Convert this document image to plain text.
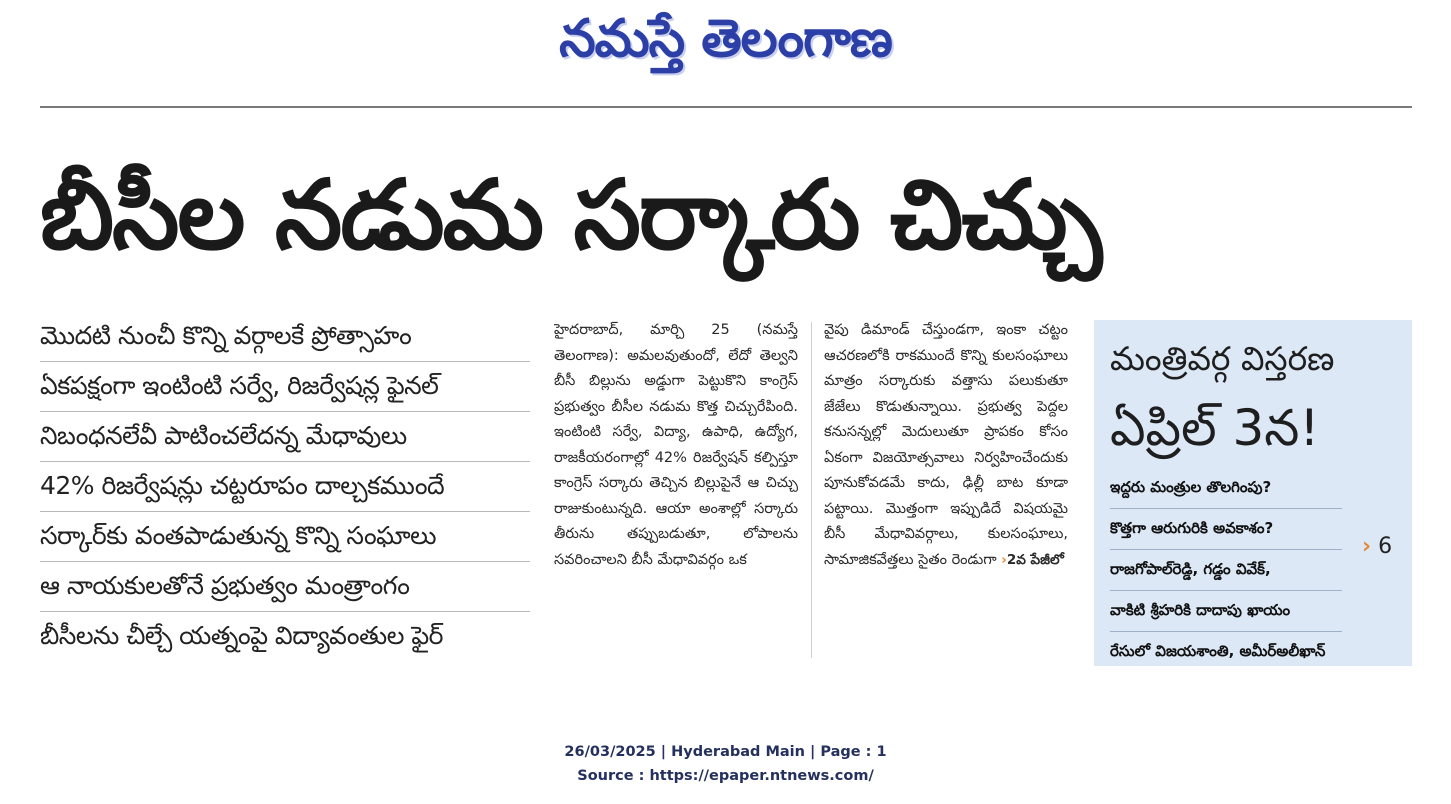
నమస్తే తెలంగాణ
బీసీల నడుమ సర్కారు చిచ్చు
మొదటి నుంచీ కొన్ని వర్గాలకే ప్రోత్సాహం
ఏకపక్షంగా ఇంటింటి సర్వే, రిజర్వేషన్ల ఫైనల్
నిబంధనలేవీ పాటించలేదన్న మేధావులు
42% రిజర్వేషన్లు చట్టరూపం దాల్చకముందే
సర్కార్‌కు వంతపాడుతున్న కొన్ని సంఘాలు
ఆ నాయకులతోనే ప్రభుత్వం మంత్రాంగం
బీసీలను చీల్చే యత్నంపై విద్యావంతుల ఫైర్
హైదరాబాద్, మార్చి 25 (నమస్తే తెలంగాణ): అమలవుతుందో, లేదో తెల్వని బీసీ బిల్లును అడ్డుగా పెట్టుకొని కాంగ్రెస్ ప్రభుత్వం బీసీల నడుమ కొత్త చిచ్చురేపింది. ఇంటింటి సర్వే, విద్యా, ఉపాధి, ఉద్యోగ, రాజకీయరంగాల్లో 42% రిజర్వేషన్ కల్పిస్తూ కాంగ్రెస్ సర్కారు తెచ్చిన బిల్లుపైనే ఆ చిచ్చు రాజుకుంటున్నది. ఆయా అంశాల్లో సర్కారు తీరును తప్పుబడుతూ, లోపాలను సవరించాలని బీసీ మేధావివర్గం ఒక
వైపు డిమాండ్ చేస్తుండగా, ఇంకా చట్టం ఆచరణలోకి రాకముందే కొన్ని కులసంఘాలు మాత్రం సర్కారుకు వత్తాసు పలుకుతూ జేజేలు కొడుతున్నాయి. ప్రభుత్వ పెద్దల కనుసన్నల్లో మెదులుతూ ప్రాపకం కోసం ఏకంగా విజయోత్సవాలు నిర్వహించేందుకు పూనుకోవడమే కాదు, ఢిల్లీ బాట కూడా పట్టాయి. మొత్తంగా ఇప్పుడిదే విషయమై బీసీ మేధావివర్గాలు, కులసంఘాలు, సామాజికవేత్తలు సైతం రెండుగా ›2వ పేజీలో
మంత్రివర్గ విస్తరణ
ఏప్రిల్ 3న!
ఇద్దరు మంత్రుల తొలగింపు?
కొత్తగా ఆరుగురికి అవకాశం?
రాజగోపాల్‌రెడ్డి, గడ్డం వివేక్,
వాకిటి శ్రీహరికి దాదాపు ఖాయం
రేసులో విజయశాంతి, అమీర్‌అలీఖాన్
› 6
26/03/2025 | Hyderabad Main | Page : 1
Source : https://epaper.ntnews.com/
